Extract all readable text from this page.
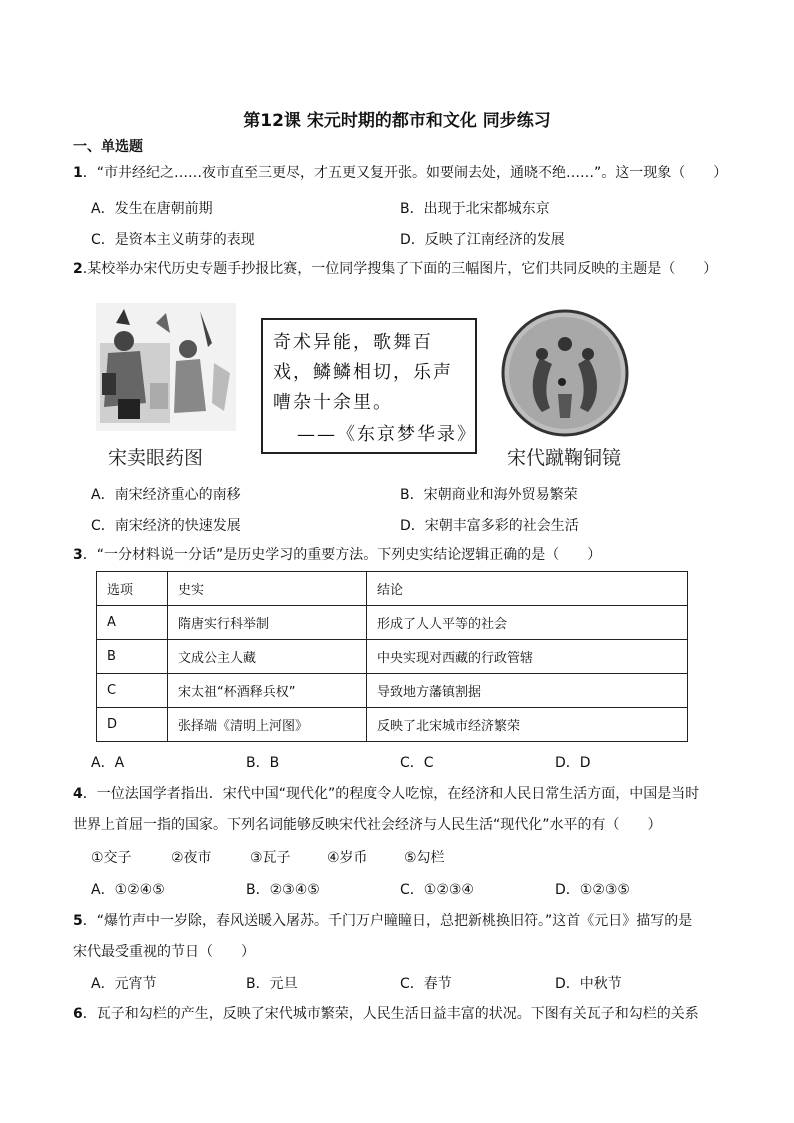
第12课 宋元时期的都市和文化 同步练习
一、单选题
1．“市井经纪之……夜市直至三更尽，才五更又复开张。如要闹去处，通晓不绝……”。这一现象（　　）
A．发生在唐朝前期	B．出现于北宋都城东京
C．是资本主义萌芽的表现	D．反映了江南经济的发展
2.某校举办宋代历史专题手抄报比赛，一位同学搜集了下面的三幅图片，它们共同反映的主题是（　　）
宋卖眼药图
奇术异能，歌舞百
戏，鳞鳞相切，乐声
嘈杂十余里。
——《东京梦华录》
宋代蹴鞠铜镜
A．南宋经济重心的南移	B．宋朝商业和海外贸易繁荣
C．南宋经济的快速发展	D．宋朝丰富多彩的社会生活
3．“一分材料说一分话”是历史学习的重要方法。下列史实结论逻辑正确的是（　　）
选项	史实	结论
A	隋唐实行科举制	形成了人人平等的社会
B	文成公主人藏	中央实现对西藏的行政管辖
C	宋太祖“杯酒释兵权”	导致地方藩镇割据
D	张择端《清明上河图》	反映了北宋城市经济繁荣
A．A	B．B	C．C	D．D
4．一位法国学者指出．宋代中国“现代化”的程度令人吃惊，在经济和人民日常生活方面，中国是当时
世界上首屈一指的国家。下列名词能够反映宋代社会经济与人民生活“现代化”水平的有（　　）
①交子	②夜市	③瓦子	④岁币	⑤勾栏
A．①②④⑤	B．②③④⑤	C．①②③④	D．①②③⑤
5．“爆竹声中一岁除，春风送暖入屠苏。千门万户瞳瞳日，总把新桃换旧符。”这首《元日》描写的是
宋代最受重视的节日（　　）
A．元宵节	B．元旦	C．春节	D．中秋节
6．瓦子和勾栏的产生，反映了宋代城市繁荣，人民生活日益丰富的状况。下图有关瓦子和勾栏的关系
